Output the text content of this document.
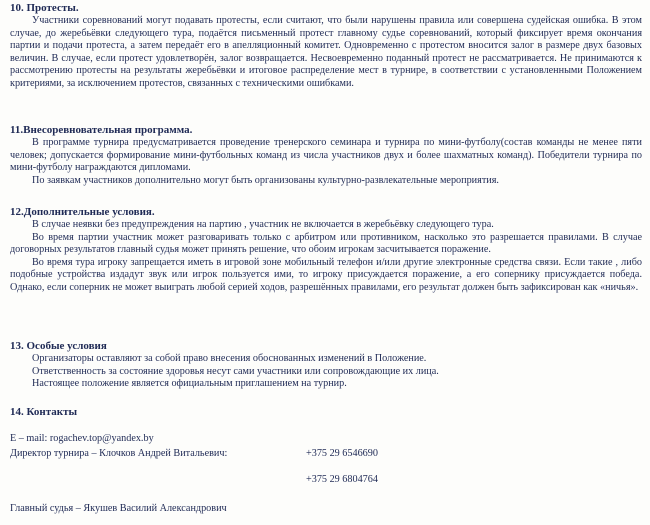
10. Протесты.

Участники соревнований могут подавать протесты, если считают, что были нарушены правила или совершена судейская ошибка. В этом случае, до жеребьёвки следующего тура, подаётся письменный протест главному судье соревнований, который фиксирует время окончания партии и подачи протеста, а затем передаёт его в апелляционный комитет. Одновременно с протестом вносится залог в размере двух базовых величин. В случае, если протест удовлетворён, залог возвращается. Несвоевременно поданный протест не рассматривается. Не принимаются к рассмотрению протесты на результаты жеребьёвки и итоговое распределение мест в турнире, в соответствии с установленными Положением критериями, за исключением протестов, связанных с техническими ошибками.

11.Внесоревновательная программа.

В программе турнира предусматривается проведение тренерского семинара и турнира по мини-футболу(состав команды не менее пяти человек; допускается формирование мини-футбольных команд из числа участников двух и более шахматных команд). Победители турнира по мини-футболу награждаются дипломами.

По заявкам участников дополнительно могут быть организованы культурно-развлекательные мероприятия.

12.Дополнительные условия.

В случае неявки без предупреждения на партию , участник не включается в жеребьёвку следующего тура.

Во время партии участник может разговаривать только с арбитром или противником, насколько это разрешается правилами. В случае договорных результатов главный судья может принять решение, что обоим игрокам засчитывается поражение.

Во время тура игроку запрещается иметь в игровой зоне мобильный телефон и/или другие электронные средства связи. Если такие , либо подобные устройства издадут звук или игрок пользуется ими, то игроку присуждается поражение, а его сопернику присуждается победа. Однако, если соперник не может выиграть любой серией ходов, разрешённых правилами, его результат должен быть зафиксирован как «ничья».

13. Особые условия

Организаторы оставляют за собой право внесения обоснованных изменений в Положение.

Ответственность за состояние здоровья несут сами участники или сопровождающие их лица.

Настоящее положение является официальным приглашением на турнир.

14. Контакты

E – mail: rogachev.top@yandex.by
Директор турнира – Клочков Андрей Витальевич:	+375 29 6546690
+375 29 6804764
Главный судья – Якушев Василий Александрович
